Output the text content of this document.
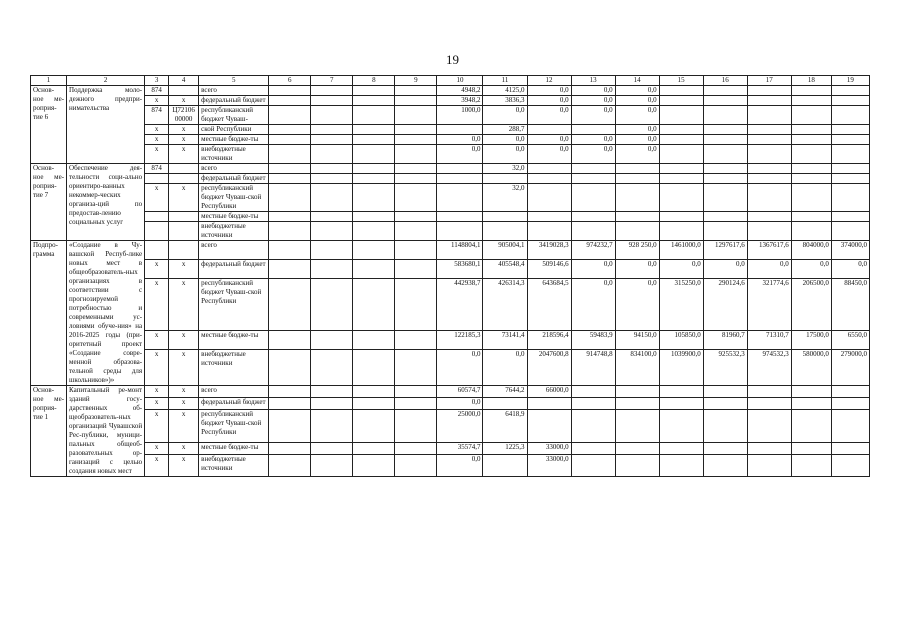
19
1	2	3	4	5	6	7	8	9	10	11	12	13	14	15	16	17	18	19
Основ-ное ме-роприя-тие 6	Поддержка моло-дежного предпри-нимательства	874		всего					4948,2	4125,0	0,0	0,0	0,0					
		x	x	федеральный бюджет					3948,2	3836,3	0,0	0,0	0,0					
		874	Ц72106 00000	республиканский бюджет Чуваш-					1000,0	0,0	0,0	0,0	0,0					
		x	x	ской Республики						288,7			0,0					
		x	x	местные бюдже-ты					0,0	0,0	0,0	0,0	0,0					
		x	x	внебюджетные источники					0,0	0,0	0,0	0,0	0,0					
Основ-ное ме-роприя-тие 7	Обеспечение дея-тельности соци-ально ориентиро-ванных некоммер-ческих организа-ций по предостав-лению социальных услуг	874		всего						32,0								
				федеральный бюджет														
		x	x	республиканский бюджет Чуваш-ской Республики						32,0								
				местные бюдже-ты														
				внебюджетные источники														
Подпро-грамма	«Создание в Чу-вашской Респуб-лике новых мест в общеобразователь-ных организациях в соответствии с прогнозируемой потребностью и современными ус-ловиями обуче-ния» на 2016-2025 годы (при-оритетный проект «Создание совре-менной образова-тельной среды для школьников»)»			всего					1148804,1	905004,1	3419028,3	974232,7	928 250,0	1461000,0	1297617,6	1367617,6	804000,0	374000,0
		x	x	федеральный бюджет					583680,1	405548,4	509146,6	0,0	0,0	0,0	0,0	0,0	0,0	0,0
		x	x	республиканский бюджет Чуваш-ской Республики					442938,7	426314,3	643684,5	0,0	0,0	315250,0	290124,6	321774,6	206500,0	88450,0
		x	x	местные бюдже-ты					122185,3	73141,4	218596,4	59483,9	94150,0	105850,0	81960,7	71310,7	17500,0	6550,0
		x	x	внебюджетные источники					0,0	0,0	2047600,8	914748,8	834100,0	1039900,0	925532,3	974532,3	580000,0	279000,0
Основ-ное ме-роприя-тие 1	Капитальный ре-монт зданий госу-дарственных об-щеобразователь-ных организаций Чувашской Рес-публики, муници-пальных общеоб-разовательных ор-ганизаций с целью создания новых мест	x	x	всего					60574,7	7644,2	66000,0							
		x	x	федеральный бюджет					0,0									
		x	x	республиканский бюджет Чуваш-ской Республики					25000,0	6418,9								
		x	x	местные бюдже-ты					35574,7	1225,3	33000,0							
		x	x	внебюджетные источники					0,0		33000,0							
